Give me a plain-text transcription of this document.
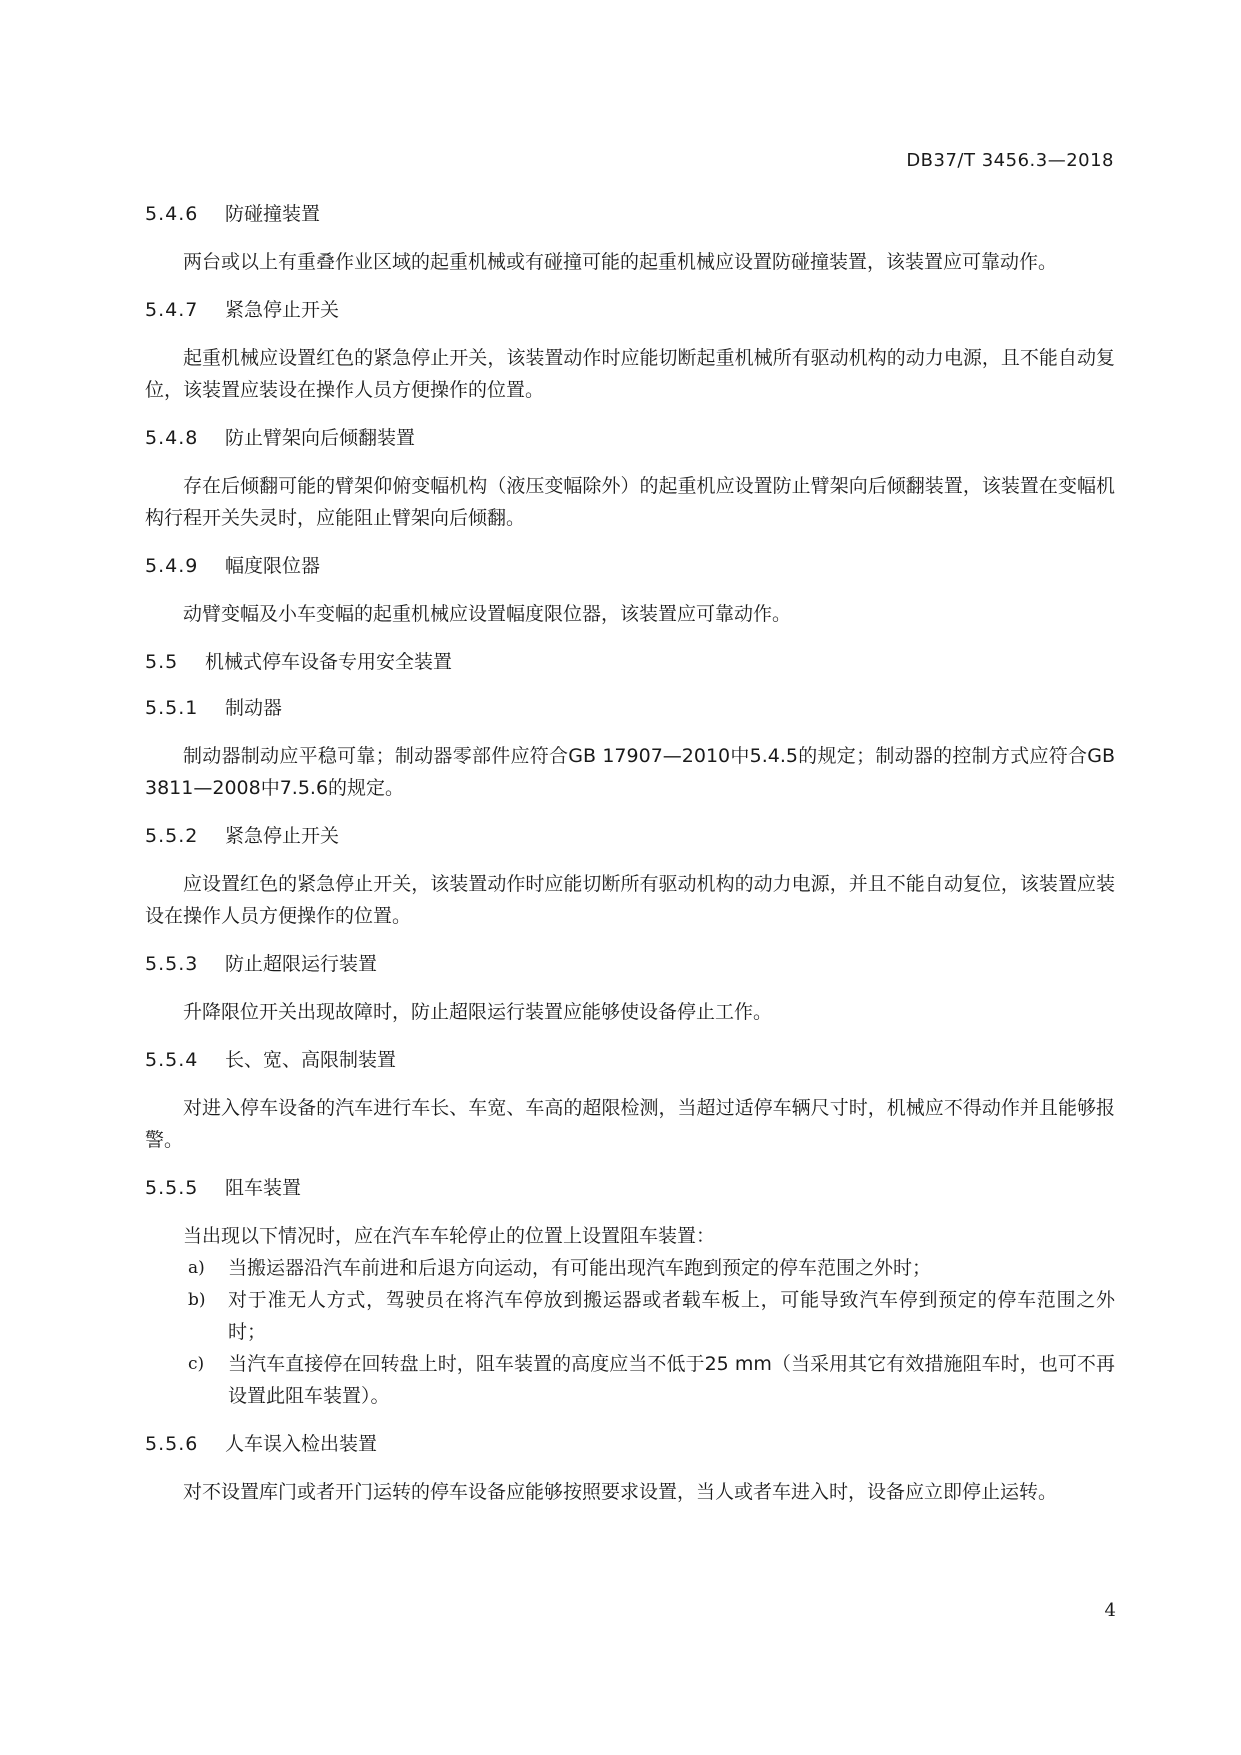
DB37/T 3456.3—2018
5.4.6 防碰撞装置

两台或以上有重叠作业区域的起重机械或有碰撞可能的起重机械应设置防碰撞装置，该装置应可靠动作。

5.4.7 紧急停止开关

起重机械应设置红色的紧急停止开关，该装置动作时应能切断起重机械所有驱动机构的动力电源，且不能自动复位，该装置应装设在操作人员方便操作的位置。

5.4.8 防止臂架向后倾翻装置

存在后倾翻可能的臂架仰俯变幅机构（液压变幅除外）的起重机应设置防止臂架向后倾翻装置，该装置在变幅机构行程开关失灵时，应能阻止臂架向后倾翻。

5.4.9 幅度限位器

动臂变幅及小车变幅的起重机械应设置幅度限位器，该装置应可靠动作。

5.5 机械式停车设备专用安全装置
5.5.1 制动器

制动器制动应平稳可靠；制动器零部件应符合GB 17907—2010中5.4.5的规定；制动器的控制方式应符合GB 3811—2008中7.5.6的规定。

5.5.2 紧急停止开关

应设置红色的紧急停止开关，该装置动作时应能切断所有驱动机构的动力电源，并且不能自动复位，该装置应装设在操作人员方便操作的位置。

5.5.3 防止超限运行装置

升降限位开关出现故障时，防止超限运行装置应能够使设备停止工作。

5.5.4 长、宽、高限制装置

对进入停车设备的汽车进行车长、车宽、车高的超限检测，当超过适停车辆尺寸时，机械应不得动作并且能够报警。

5.5.5 阻车装置

当出现以下情况时，应在汽车车轮停止的位置上设置阻车装置：

a)	当搬运器沿汽车前进和后退方向运动，有可能出现汽车跑到预定的停车范围之外时；
b)	对于准无人方式，驾驶员在将汽车停放到搬运器或者载车板上，可能导致汽车停到预定的停车范围之外时；
c)	当汽车直接停在回转盘上时，阻车装置的高度应当不低于25 mm（当采用其它有效措施阻车时，也可不再设置此阻车装置）。
5.5.6 人车误入检出装置

对不设置库门或者开门运转的停车设备应能够按照要求设置，当人或者车进入时，设备应立即停止运转。

4
